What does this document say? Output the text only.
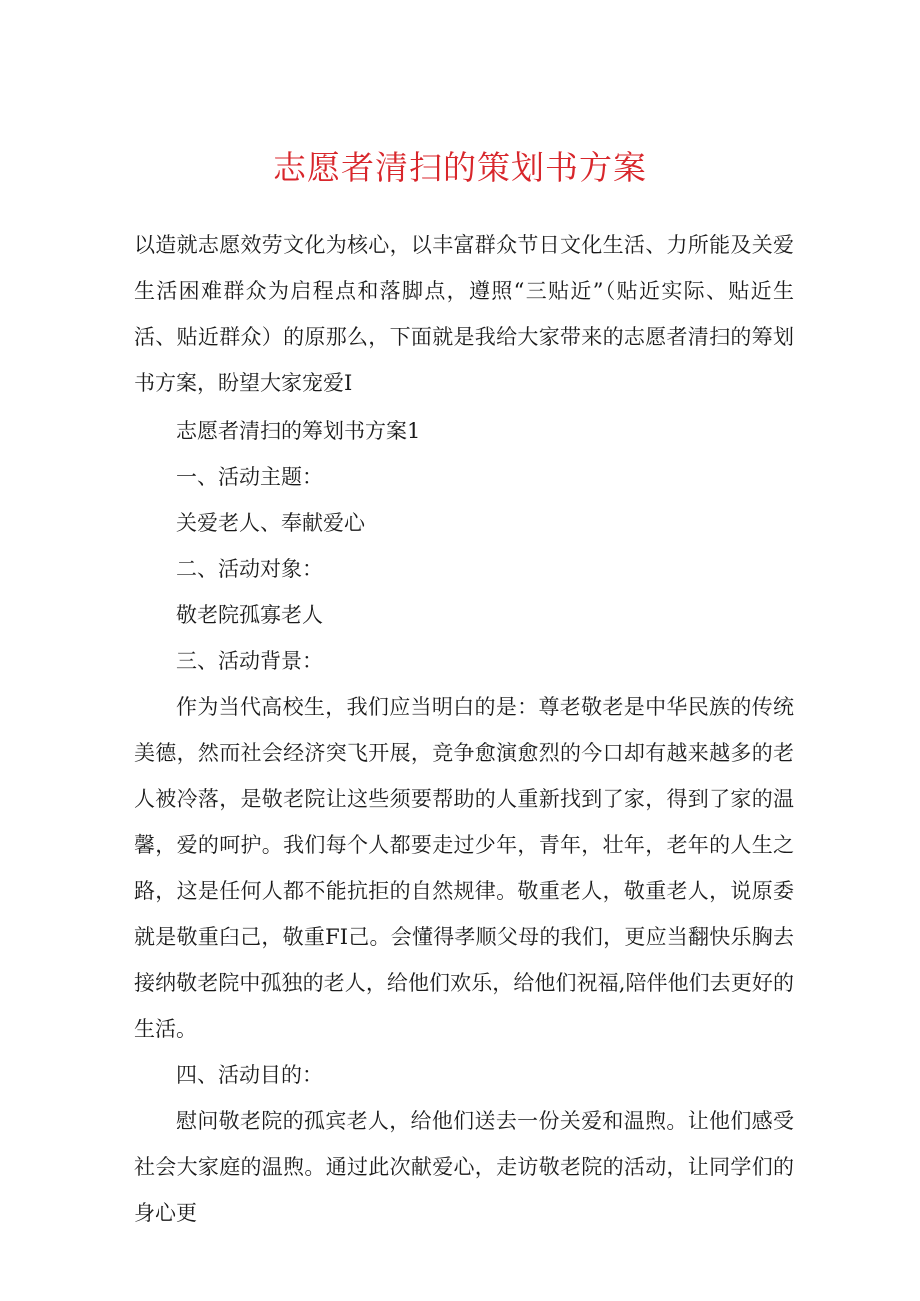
志愿者清扫的策划书方案

以造就志愿效劳文化为核心，以丰富群众节日文化生活、力所能及关爱生活困难群众为启程点和落脚点，遵照“三贴近”（贴近实际、贴近生活、贴近群众）的原那么，下面就是我给大家带来的志愿者清扫的筹划书方案，盼望大家宠爱I

志愿者清扫的筹划书方案1

一、活动主题：

关爱老人、奉献爱心

二、活动对象：

敬老院孤寡老人

三、活动背景：

作为当代高校生，我们应当明白的是：尊老敬老是中华民族的传统美德，然而社会经济突飞开展，竞争愈演愈烈的今口却有越来越多的老人被冷落，是敬老院让这些须要帮助的人重新找到了家，得到了家的温馨，爱的呵护。我们每个人都要走过少年，青年，壮年，老年的人生之路，这是任何人都不能抗拒的自然规律。敬重老人，敬重老人，说原委就是敬重臼己，敬重FI己。会懂得孝顺父母的我们，更应当翻快乐胸去接纳敬老院中孤独的老人，给他们欢乐，给他们祝福,陪伴他们去更好的生活。

四、活动目的：

慰问敬老院的孤宾老人，给他们送去一份关爱和温煦。让他们感受社会大家庭的温煦。通过此次献爱心，走访敬老院的活动，让同学们的身心更
